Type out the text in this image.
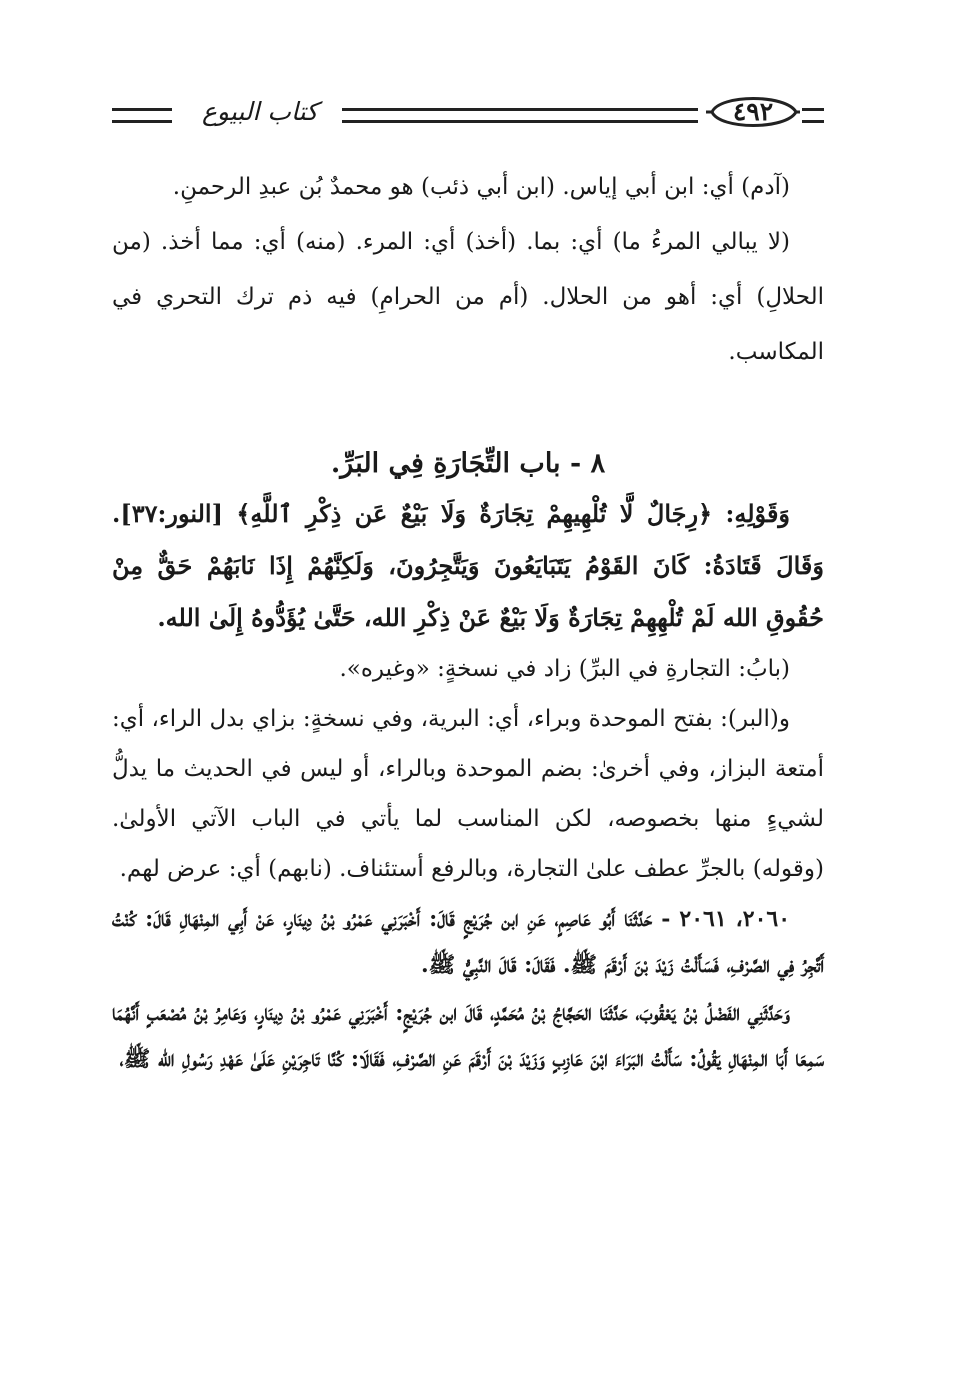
كتاب البيوع	٤٩٢

(آدم) أي: ابن أبي إياس. (ابن أبي ذئب) هو محمدٌ بُن عبدِ الرحمنِ.

(لا يبالي المرءُ ما) أي: بما. (أخذ) أي: المرء. (منه) أي: مما أخذ. (من الحلالِ) أي: أهو من الحلال. (أم من الحرامِ) فيه ذم ترك التحري في المكاسب.

٨ - باب التِّجَارَةِ فِي البَرِّ.

وَقَوْلِهِ: ﴿رِجَالٌ لَّا تُلْهِيهِمْ تِجَارَةٌ وَلَا بَيْعٌ عَن ذِكْرِ ٱللَّهِ﴾ [النور:٣٧]. وَقَالَ قَتَادَةُ: كَانَ القَوْمُ يَتَبَايَعُونَ وَيَتَّجِرُونَ، وَلَكِنَّهُمْ إِذَا نَابَهُمْ حَقٌّ مِنْ حُقُوقِ الله لَمْ تُلْهِهِمْ تِجَارَةٌ وَلَا بَيْعٌ عَنْ ذِكْرِ الله، حَتَّىٰ يُؤَدُّوهُ إِلَىٰ الله.

(بابُ: التجارةِ في البرِّ) زاد في نسخةٍ: «وغيره».

و(البر): بفتح الموحدة وبراء، أي: البرية، وفي نسخةٍ: بزاي بدل الراء، أي: أمتعة البزاز، وفي أخرىٰ: بضم الموحدة وبالراء، أو ليس في الحديث ما يدلُّ لشيءٍ منها بخصوصه، لكن المناسب لما يأتي في الباب الآتي الأولىٰ. (وقوله) بالجرِّ عطف علىٰ التجارة، وبالرفع أستئناف. (نابهم) أي: عرض لهم.

٢٠٦٠، ٢٠٦١ - حَدَّثَنَا أَبُو عَاصِمٍ، عَنِ ابن جُرَيْجٍ قَالَ: أَخْبَرَنِي عَمْرُو بْنُ دِينَارٍ، عَنْ أَبِي المِنْهَالِ قَالَ: كُنْتُ أَتَّجِرُ فِي الصَّرْفِ، فَسَأَلْتُ زَيْدَ بْنَ أَرْقَمَ ﷺ. فَقَالَ: قَالَ النَّبِيُّ ﷺ.

وَحَدَّثَنِي الفَضْلُ بْنُ يَعْقُوبَ، حَدَّثَنَا الحَجَّاجُ بْنُ مُحَمَّدٍ، قَالَ ابن جُرَيْجٍ: أَخْبَرَنِي عَمْرُو بْنُ دِينَارٍ، وَعَامِرُ بْنُ مُصْعَبٍ أَنَّهُمَا سَمِعَا أَبَا المِنْهَالِ يَقُولُ: سَأَلْتُ البَرَاءَ ابْنَ عَازِبٍ وَزَيْدَ بْنَ أَرْقَمَ عَنِ الصَّرْفِ، فَقَالَا: كُنَّا تَاجِرَيْنِ عَلَىٰ عَهْدِ رَسُولِ الله ﷺ،
